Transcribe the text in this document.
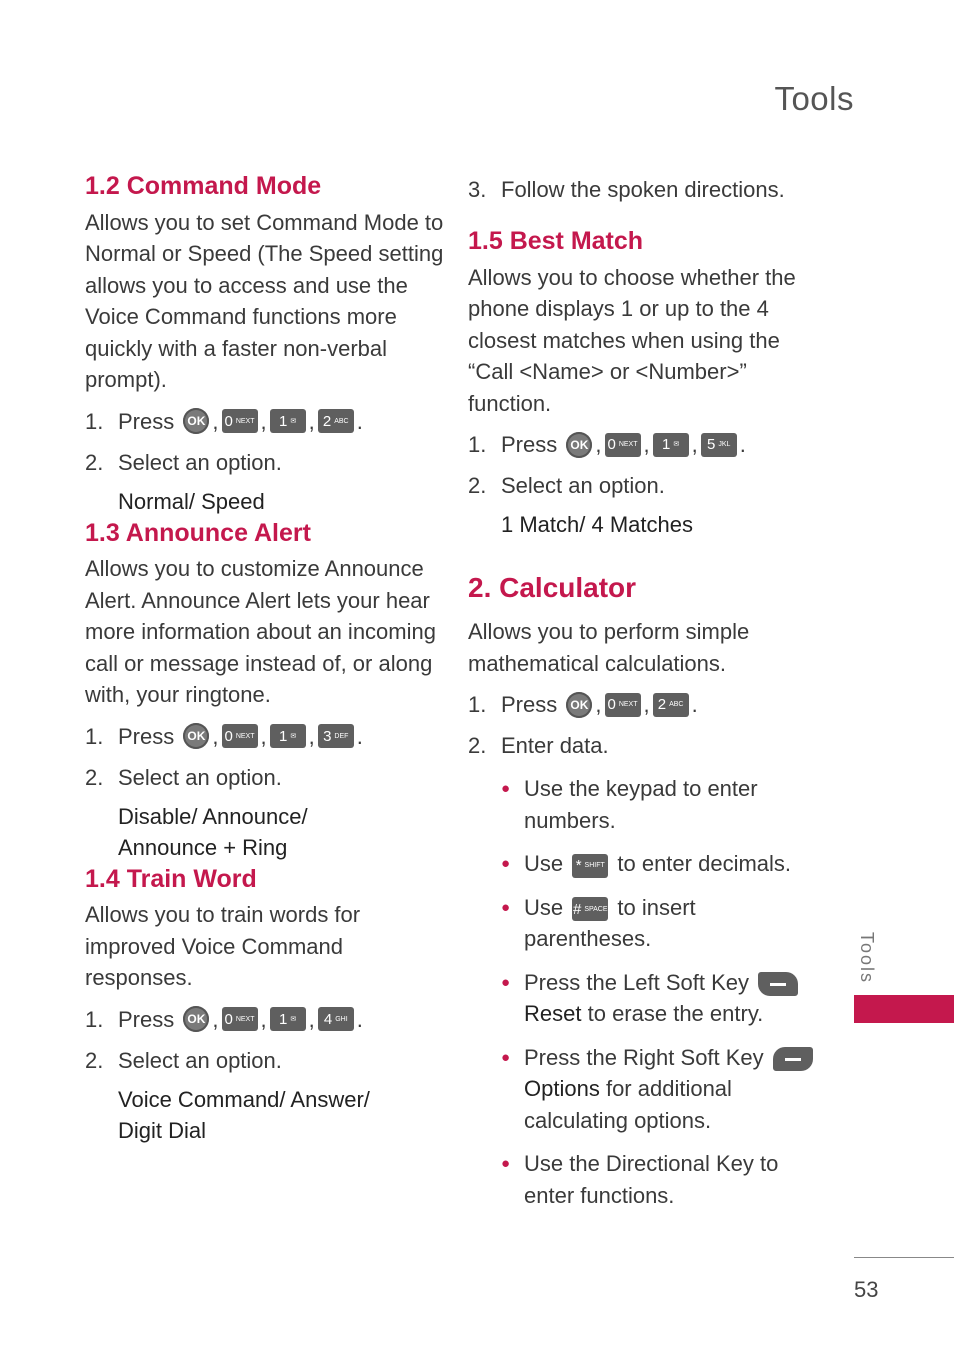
Tools
1.2 Command Mode

Allows you to set Command Mode to Normal or Speed (The Speed setting allows you to access and use the Voice Command functions more quickly with a faster non-verbal prompt).

1. Press
	OK , 0 NEXT , 1 ✉ , 2 ABC .
2. Select an option.
Normal/ Speed
1.3 Announce Alert

Allows you to customize Announce Alert. Announce Alert lets your hear more information about an incoming call or message instead of, or along with, your ringtone.

1. Press
	OK , 0 NEXT , 1 ✉ , 3 DEF .
2. Select an option.
Disable/ Announce/
Announce + Ring
1.4 Train Word

Allows you to train words for improved Voice Command responses.

1. Press
	OK , 0 NEXT , 1 ✉ , 4 GHI .
2. Select an option.
Voice Command/ Answer/
Digit Dial
3. Follow the spoken directions.
1.5 Best Match

Allows you to choose whether the phone displays 1 or up to the 4 closest matches when using the “Call <Name> or <Number>” function.

1. Press
	OK , 0 NEXT , 1 ✉ , 5 JKL .
2. Select an option.
1 Match/ 4 Matches
2. Calculator

Allows you to perform simple mathematical calculations.

1. Press
	OK , 0 NEXT , 2 ABC .
2. Enter data.
● Use the keypad to enter numbers.
● Use * SHIFT to enter decimals.
● Use # SPACE to insert parentheses.
● Press the Left Soft Key
Reset to erase the entry.
● Press the Right Soft Key
Options for additional calculating options.
● Use the Directional Key to enter functions.
Tools
53
